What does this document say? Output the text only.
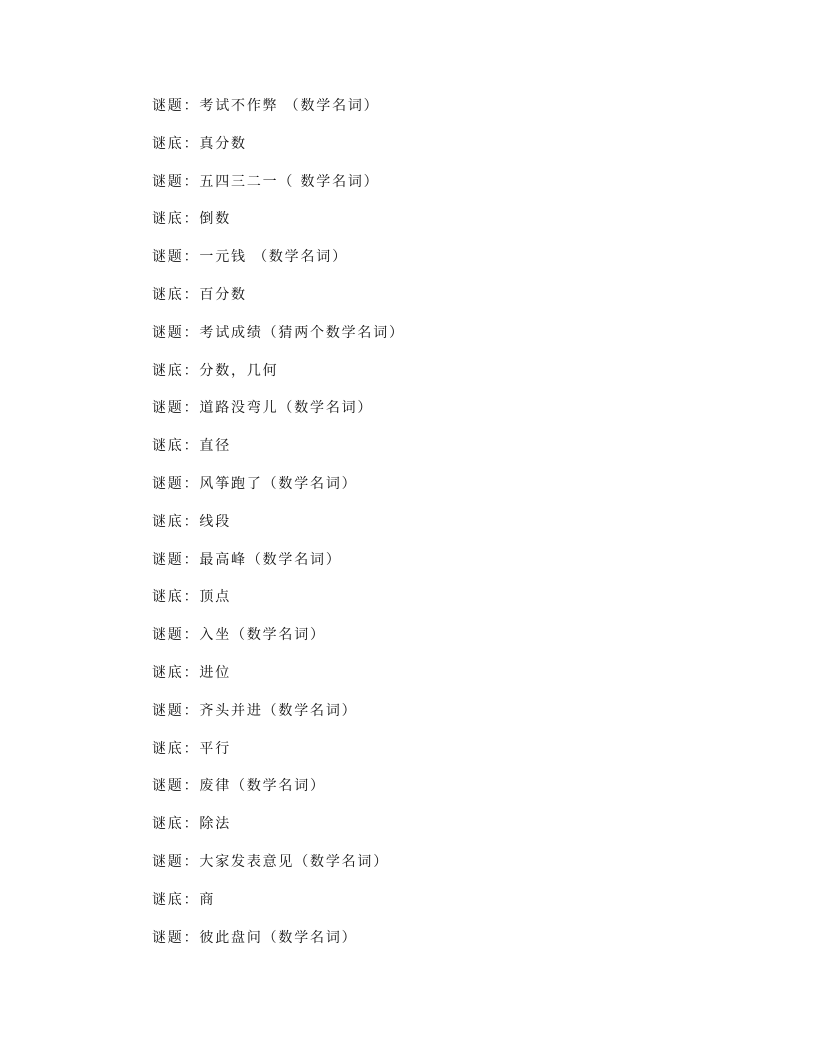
谜题：考试不作弊 （数学名词）
谜底：真分数
谜题：五四三二一（ 数学名词）
谜底：倒数
谜题：一元钱 （数学名词）
谜底：百分数
谜题：考试成绩（猜两个数学名词）
谜底：分数，几何
谜题：道路没弯儿（数学名词）
谜底：直径
谜题：风筝跑了（数学名词）
谜底：线段
谜题：最高峰（数学名词）
谜底：顶点
谜题：入坐（数学名词）
谜底：进位
谜题：齐头并进（数学名词）
谜底：平行
谜题：废律（数学名词）
谜底：除法
谜题：大家发表意见（数学名词）
谜底：商
谜题：彼此盘问（数学名词）
